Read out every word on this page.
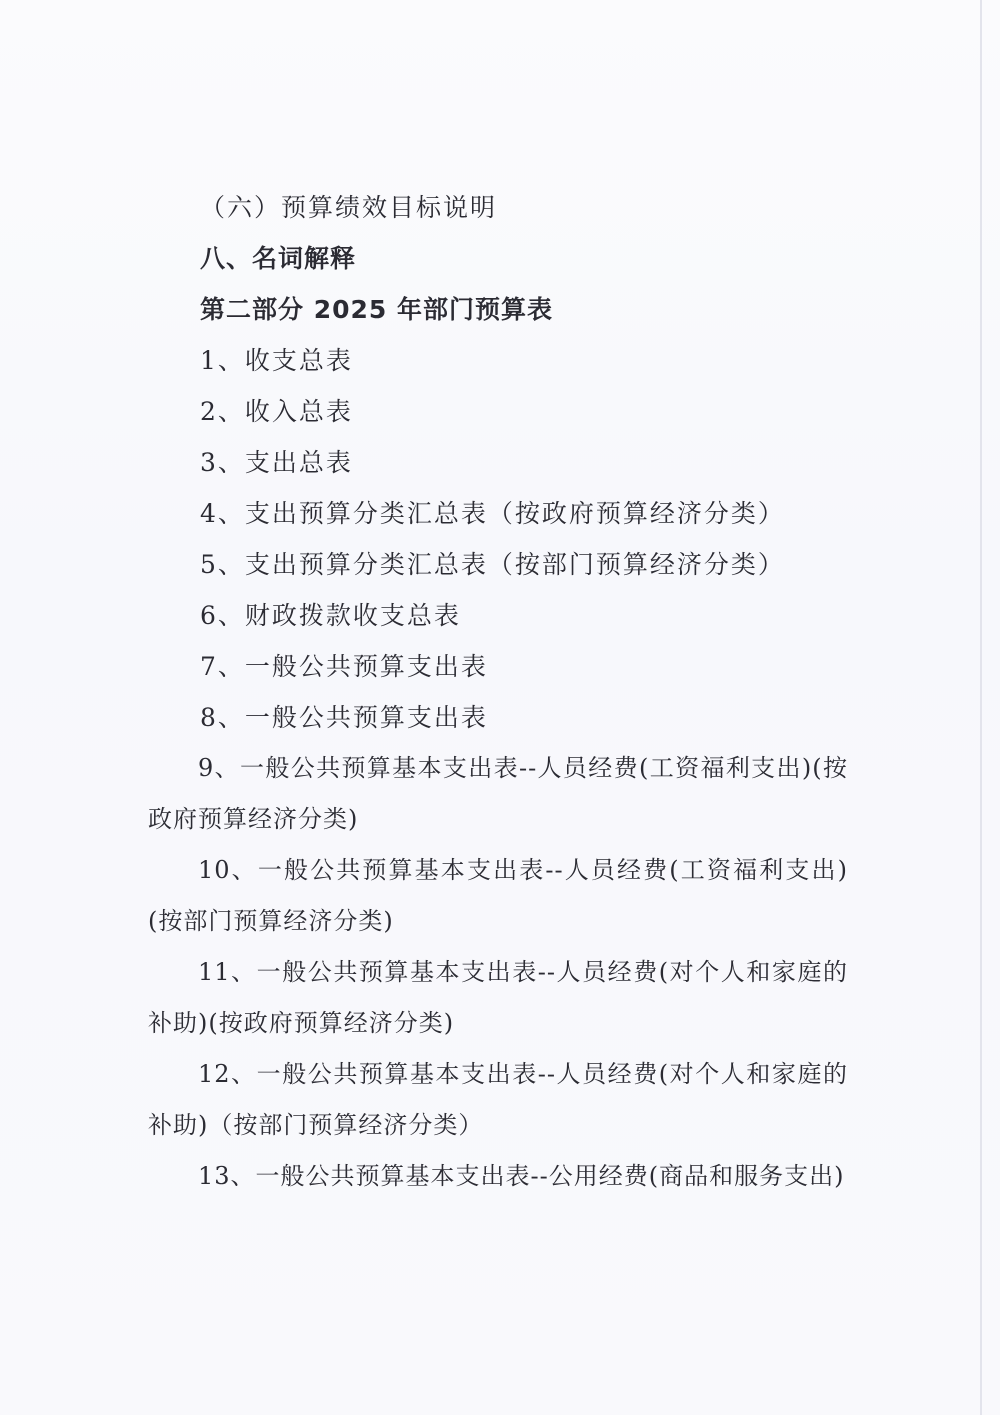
（六）预算绩效目标说明
八、名词解释
第二部分 2025 年部门预算表
1、收支总表
2、收入总表
3、支出总表
4、支出预算分类汇总表（按政府预算经济分类）
5、支出预算分类汇总表（按部门预算经济分类）
6、财政拨款收支总表
7、一般公共预算支出表
8、一般公共预算支出表
9、一般公共预算基本支出表--人员经费(工资福利支出)(按政府预算经济分类)
10、一般公共预算基本支出表--人员经费(工资福利支出)(按部门预算经济分类)
11、一般公共预算基本支出表--人员经费(对个人和家庭的补助)(按政府预算经济分类)
12、一般公共预算基本支出表--人员经费(对个人和家庭的补助)（按部门预算经济分类）
13、一般公共预算基本支出表--公用经费(商品和服务支出)
